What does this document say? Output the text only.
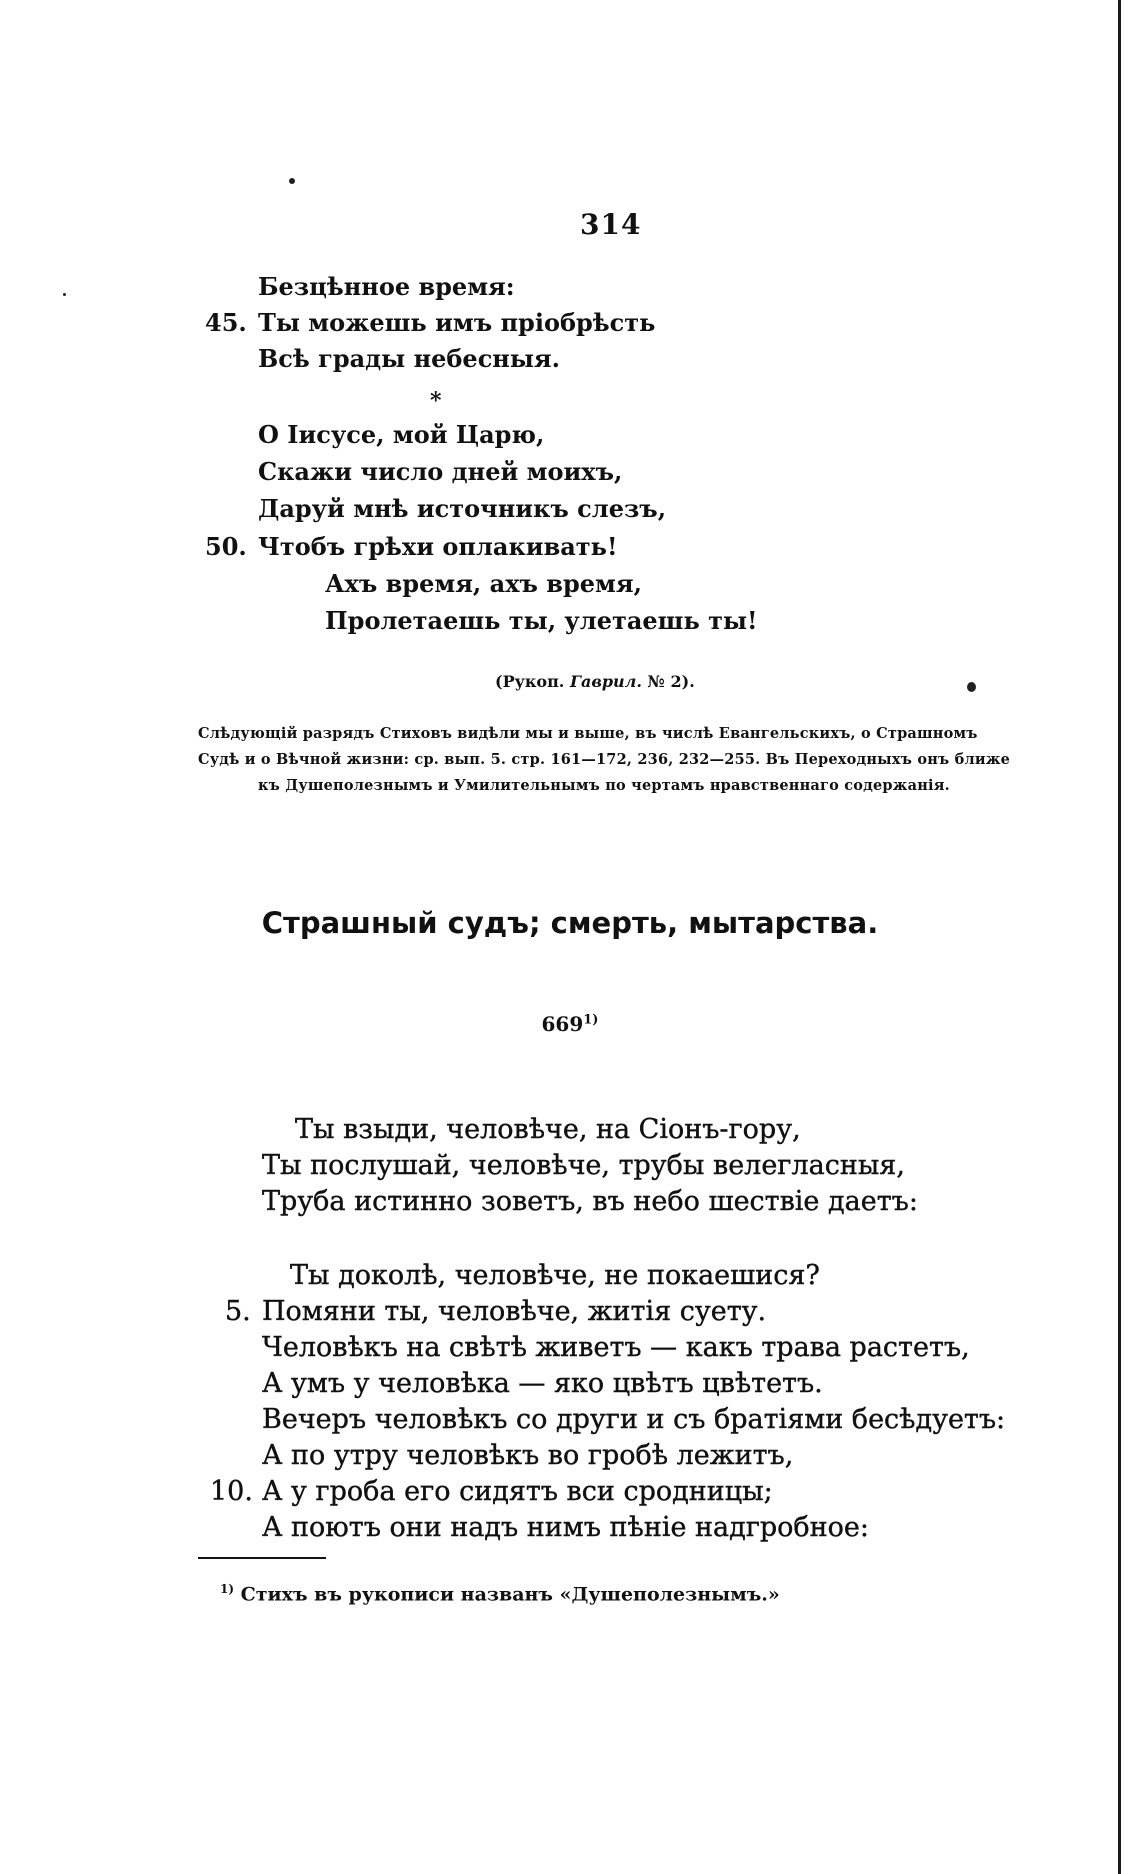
314
Безцѣнное время:
45. Ты можешь имъ пріобрѣсть
Всѣ грады небесныя.
*
О Іисусе, мой Царю,
Скажи число дней моихъ,
Даруй мнѣ источникъ слезъ,
50. Чтобъ грѣхи оплакивать!
Ахъ время, ахъ время,
Пролетаешь ты, улетаешь ты!
(Рукоп. Гаврил. № 2).
Слѣдующій разрядъ Стиховъ видѣли мы и выше, въ числѣ Евангельскихъ, о Страшномъ
Судѣ и о Вѣчной жизни: ср. вып. 5. стр. 161—172, 236, 232—255. Въ Переходныхъ онъ ближе
къ Душеполезнымъ и Умилительнымъ по чертамъ нравственнаго содержанія.
Страшный судъ; смерть, мытарства.
669$^{1)}$
Ты взыди, человѣче, на Сіонъ-гору,
Ты послушай, человѣче, трубы велегласныя,
Труба истинно зоветъ, въ небо шествіе даетъ:
Ты доколѣ, человѣче, не покаешися?
5. Помяни ты, человѣче, житія суету.
Человѣкъ на свѣтѣ живетъ — какъ трава растетъ,
А умъ у человѣка — яко цвѣтъ цвѣтетъ.
Вечеръ человѣкъ со други и съ братіями бесѣдуетъ:
А по утру человѣкъ во гробѣ лежитъ,
10. А у гроба его сидятъ вси сродницы;
А поютъ они надъ нимъ пѣніе надгробное:
$^{1)}$ Стихъ въ рукописи названъ «Душеполезнымъ.»
